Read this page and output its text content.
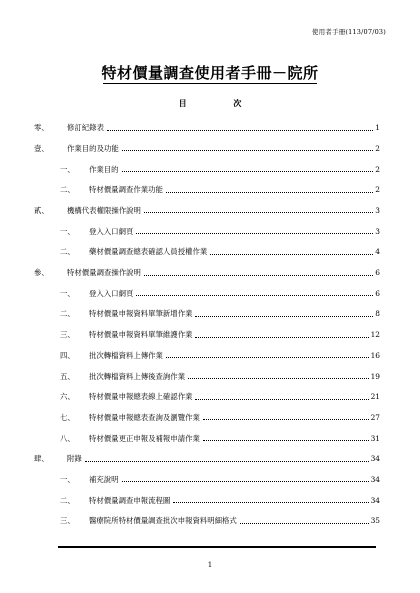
使用者手冊(113/07/03)
特材價量調查使用者手冊－院所
目 次
零、	修訂紀錄表	1
壹、	作業目的及功能	2
一、	作業目的	2
二、	特材價量調查作業功能	2
貳、	機構代表權限操作說明	3
一、	登入入口網頁	3
二、	藥材價量調查總表確認人員授權作業	4
參、	特材價量調查操作說明	6
一、	登入入口網頁	6
二、	特材價量申報資料單筆新增作業	8
三、	特材價量申報資料單筆維護作業	12
四、	批次轉檔資料上傳作業	16
五、	批次轉檔資料上傳後查詢作業	19
六、	特材價量申報總表線上確認作業	21
七、	特材價量申報總表查詢及瀏覽作業	27
八、	特材價量更正申報及補報申請作業	31
肆、	附錄	34
一、	補充說明	34
二、	特材價量調查申報流程圖	34
三、	醫療院所特材價量調查批次申報資料明細格式	35
1
